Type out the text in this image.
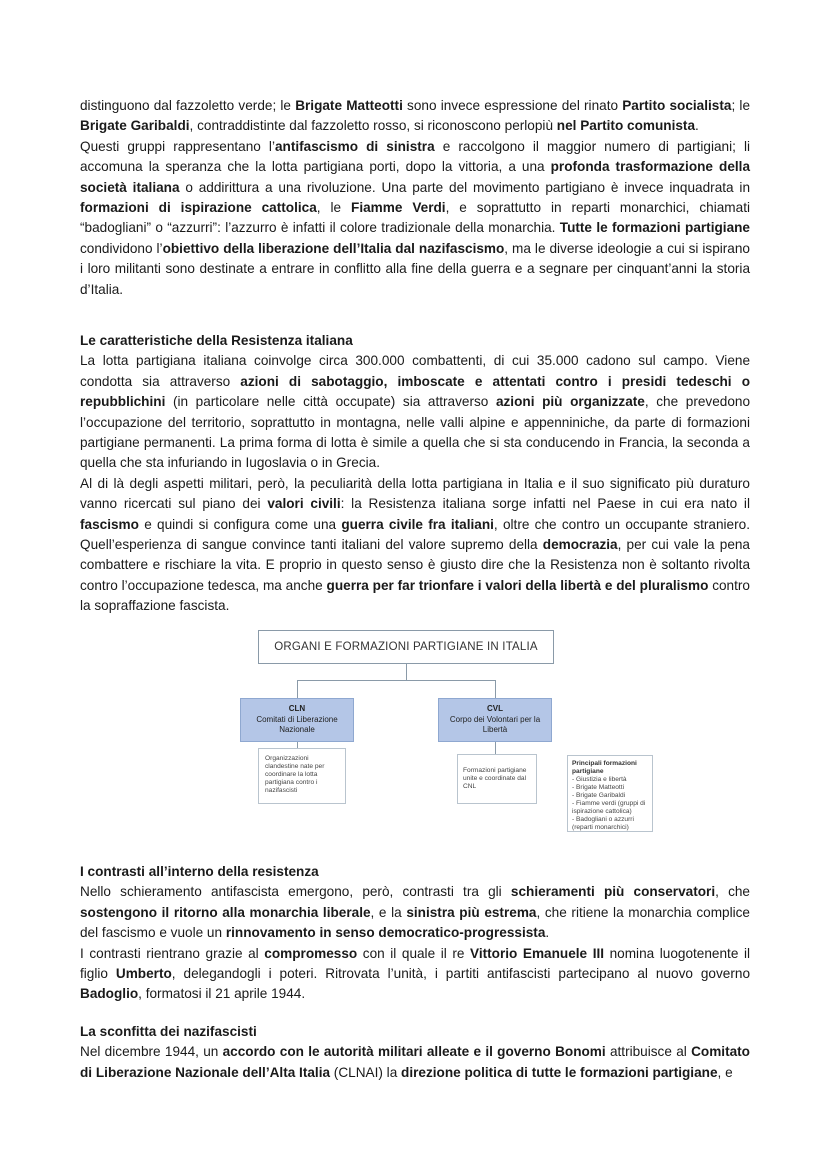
distinguono dal fazzoletto verde; le Brigate Matteotti sono invece espressione del rinato Partito socialista; le Brigate Garibaldi, contraddistinte dal fazzoletto rosso, si riconoscono perlopiù nel Partito comunista.

Questi gruppi rappresentano l’antifascismo di sinistra e raccolgono il maggior numero di partigiani; li accomuna la speranza che la lotta partigiana porti, dopo la vittoria, a una profonda trasformazione della società italiana o addirittura a una rivoluzione. Una parte del movimento partigiano è invece inquadrata in formazioni di ispirazione cattolica, le Fiamme Verdi, e soprattutto in reparti monarchici, chiamati “badogliani” o “azzurri”: l’azzurro è infatti il colore tradizionale della monarchia. Tutte le formazioni partigiane condividono l’obiettivo della liberazione dell’Italia dal nazifascismo, ma le diverse ideologie a cui si ispirano i loro militanti sono destinate a entrare in conflitto alla fine della guerra e a segnare per cinquant’anni la storia d’Italia.

Le caratteristiche della Resistenza italiana

La lotta partigiana italiana coinvolge circa 300.000 combattenti, di cui 35.000 cadono sul campo. Viene condotta sia attraverso azioni di sabotaggio, imboscate e attentati contro i presidi tedeschi o repubblichini (in particolare nelle città occupate) sia attraverso azioni più organizzate, che prevedono l’occupazione del territorio, soprattutto in montagna, nelle valli alpine e appenniniche, da parte di formazioni partigiane permanenti. La prima forma di lotta è simile a quella che si sta conducendo in Francia, la seconda a quella che sta infuriando in Iugoslavia o in Grecia.

Al di là degli aspetti militari, però, la peculiarità della lotta partigiana in Italia e il suo significato più duraturo vanno ricercati sul piano dei valori civili: la Resistenza italiana sorge infatti nel Paese in cui era nato il fascismo e quindi si configura come una guerra civile fra italiani, oltre che contro un occupante straniero. Quell’esperienza di sangue convince tanti italiani del valore supremo della democrazia, per cui vale la pena combattere e rischiare la vita. E proprio in questo senso è giusto dire che la Resistenza non è soltanto rivolta contro l’occupazione tedesca, ma anche guerra per far trionfare i valori della libertà e del pluralismo contro la sopraffazione fascista.

ORGANI E FORMAZIONI PARTIGIANE IN ITALIA
CLN
Comitati di Liberazione Nazionale
CVL
Corpo dei Volontari per la Libertà
Organizzazioni clandestine nate per coordinare la lotta partigiana contro i nazifascisti
Formazioni partigiane unite e coordinate dal CNL
Principali formazioni partigiane
- Giustizia e libertà
- Brigate Matteotti
- Brigate Garibaldi
- Fiamme verdi (gruppi di ispirazione cattolica)
- Badogliani o azzurri (reparti monarchici)

I contrasti all’interno della resistenza

Nello schieramento antifascista emergono, però, contrasti tra gli schieramenti più conservatori, che sostengono il ritorno alla monarchia liberale, e la sinistra più estrema, che ritiene la monarchia complice del fascismo e vuole un rinnovamento in senso democratico-progressista.

I contrasti rientrano grazie al compromesso con il quale il re Vittorio Emanuele III nomina luogotenente il figlio Umberto, delegandogli i poteri. Ritrovata l’unità, i partiti antifascisti partecipano al nuovo governo Badoglio, formatosi il 21 aprile 1944.

La sconfitta dei nazifascisti

Nel dicembre 1944, un accordo con le autorità militari alleate e il governo Bonomi attribuisce al Comitato di Liberazione Nazionale dell’Alta Italia (CLNAI) la direzione politica di tutte le formazioni partigiane, e
